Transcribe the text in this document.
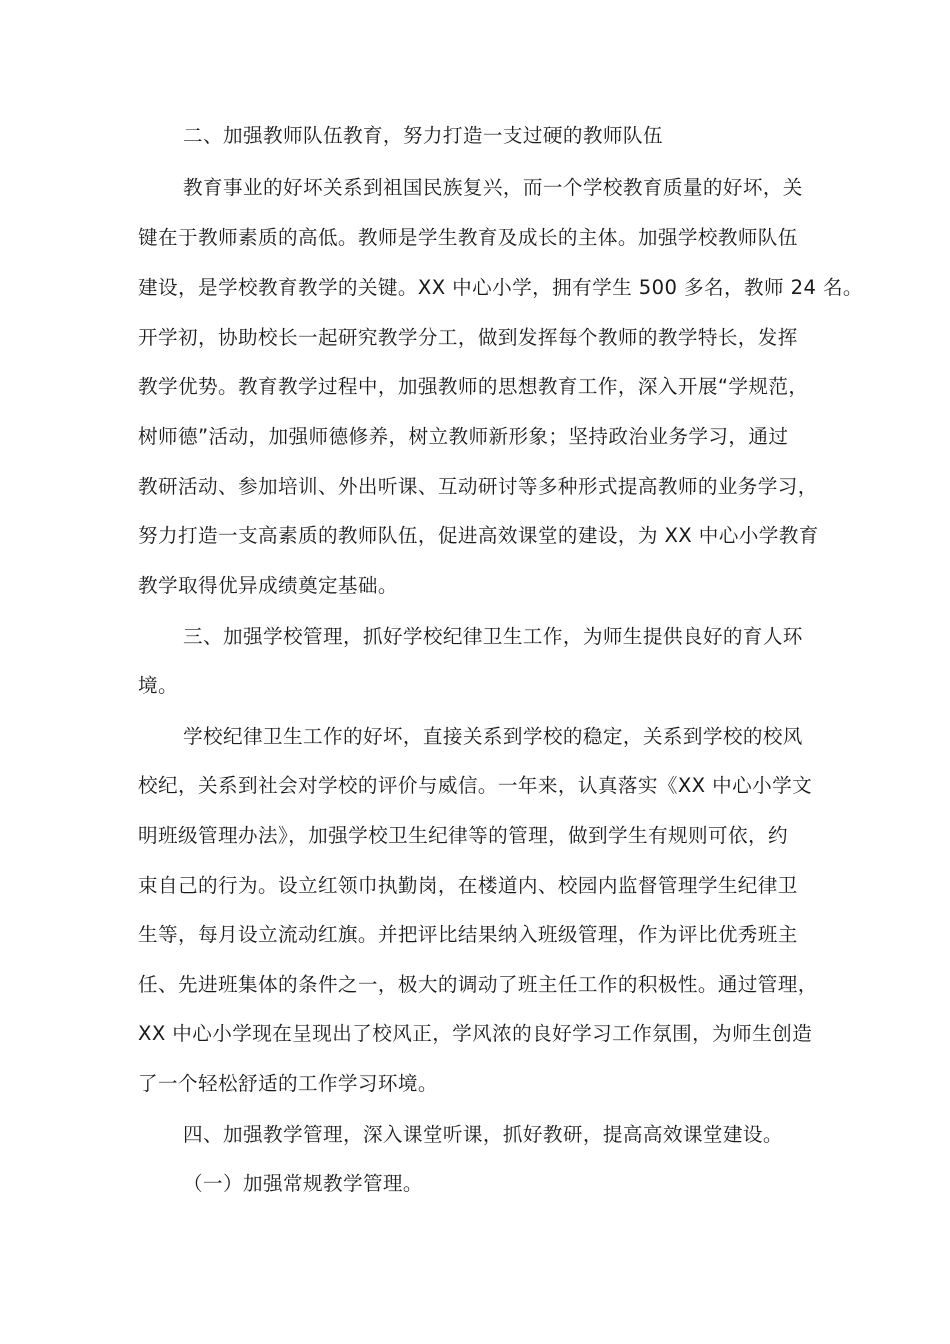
二、加强教师队伍教育，努力打造一支过硬的教师队伍
教育事业的好坏关系到祖国民族复兴，而一个学校教育质量的好坏，关
键在于教师素质的高低。教师是学生教育及成长的主体。加强学校教师队伍
建设，是学校教育教学的关键。XX 中心小学，拥有学生 500 多名，教师 24 名。
开学初，协助校长一起研究教学分工，做到发挥每个教师的教学特长，发挥
教学优势。教育教学过程中，加强教师的思想教育工作，深入开展“学规范，
树师德”活动，加强师德修养，树立教师新形象；坚持政治业务学习，通过
教研活动、参加培训、外出听课、互动研讨等多种形式提高教师的业务学习，
努力打造一支高素质的教师队伍，促进高效课堂的建设，为 XX 中心小学教育
教学取得优异成绩奠定基础。
三、加强学校管理，抓好学校纪律卫生工作，为师生提供良好的育人环
境。
学校纪律卫生工作的好坏，直接关系到学校的稳定，关系到学校的校风
校纪，关系到社会对学校的评价与威信。一年来，认真落实《XX 中心小学文
明班级管理办法》，加强学校卫生纪律等的管理，做到学生有规则可依，约
束自己的行为。设立红领巾执勤岗，在楼道内、校园内监督管理学生纪律卫
生等，每月设立流动红旗。并把评比结果纳入班级管理，作为评比优秀班主
任、先进班集体的条件之一，极大的调动了班主任工作的积极性。通过管理，
XX 中心小学现在呈现出了校风正，学风浓的良好学习工作氛围，为师生创造
了一个轻松舒适的工作学习环境。
四、加强教学管理，深入课堂听课，抓好教研，提高高效课堂建设。
（一）加强常规教学管理。
